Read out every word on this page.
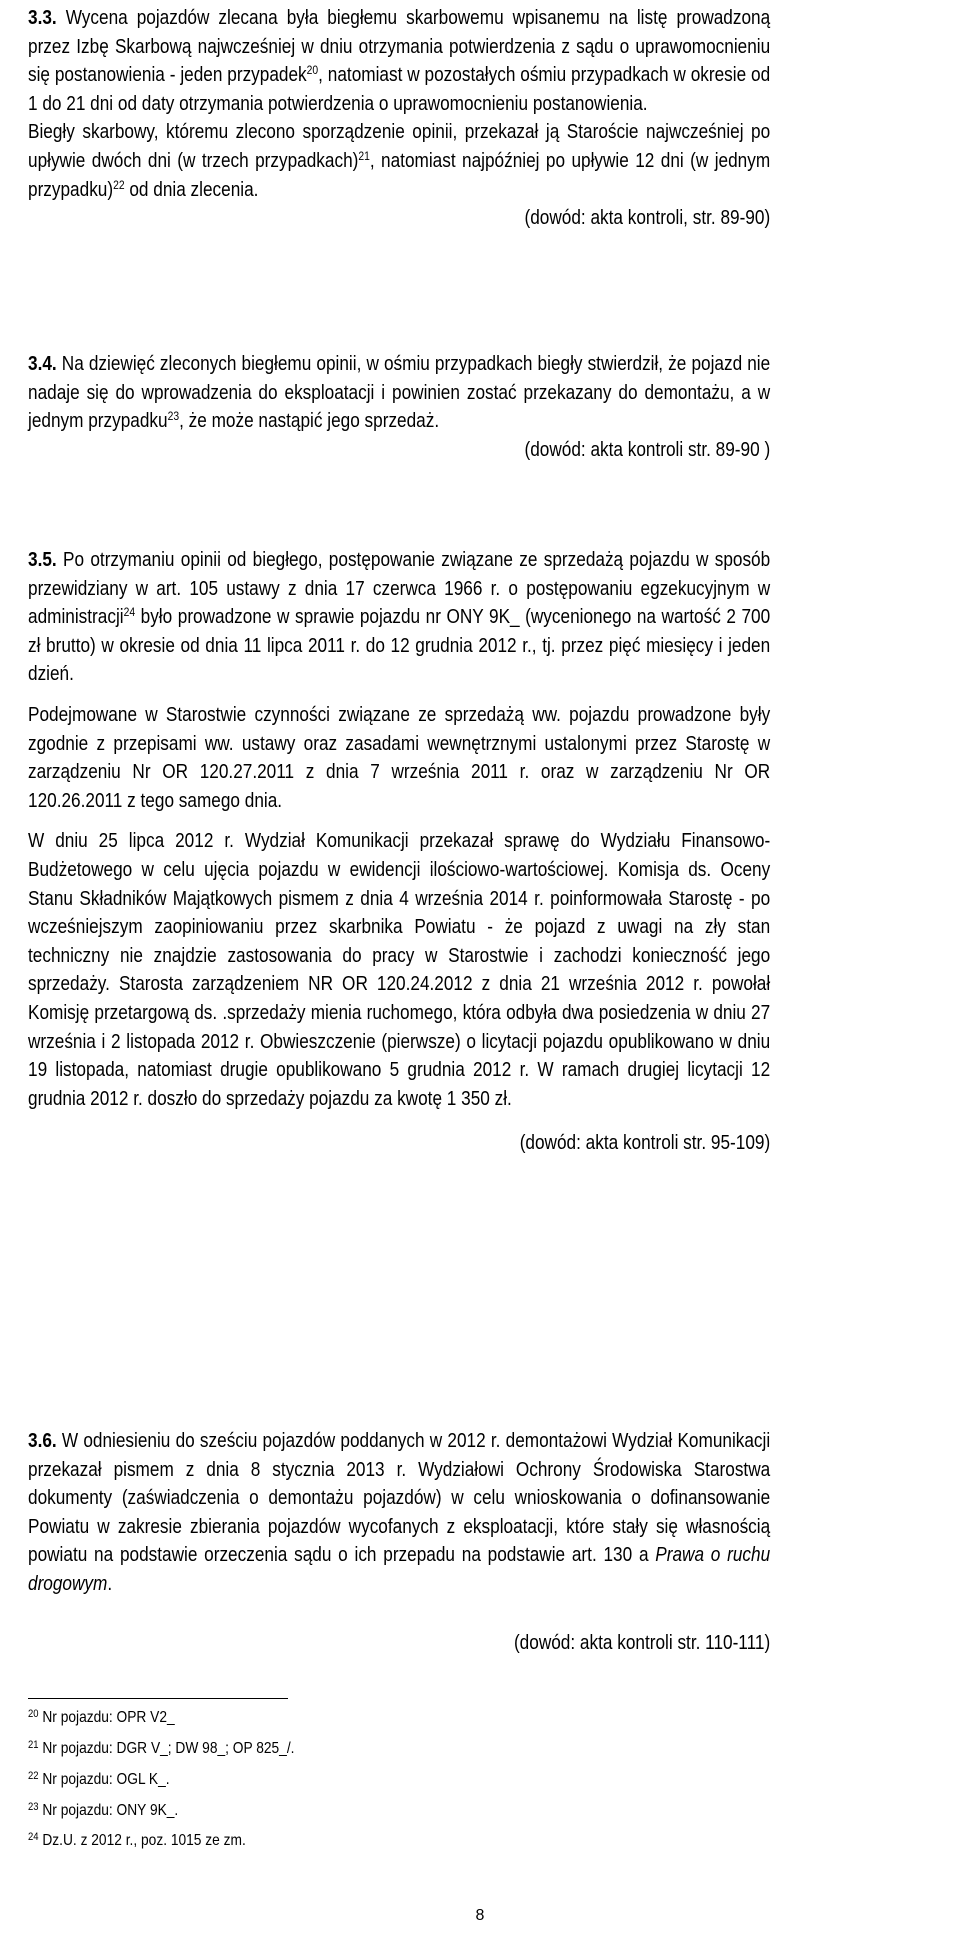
3.3. Wycena pojazdów zlecana była biegłemu skarbowemu wpisanemu na listę prowadzoną przez Izbę Skarbową najwcześniej w dniu otrzymania potwierdzenia z sądu o uprawomocnieniu się postanowienia - jeden przypadek$^{20}$, natomiast w pozostałych ośmiu przypadkach w okresie od 1 do 21 dni od daty otrzymania potwierdzenia o uprawomocnieniu postanowienia.

Biegły skarbowy, któremu zlecono sporządzenie opinii, przekazał ją Staroście najwcześniej po upływie dwóch dni (w trzech przypadkach)$^{21}$, natomiast najpóźniej po upływie 12 dni (w jednym przypadku)$^{22}$ od dnia zlecenia.

(dowód: akta kontroli, str. 89-90)

3.4. Na dziewięć zleconych biegłemu opinii, w ośmiu przypadkach biegły stwierdził, że pojazd nie nadaje się do wprowadzenia do eksploatacji i powinien zostać przekazany do demontażu, a w jednym przypadku$^{23}$, że może nastąpić jego sprzedaż.

(dowód: akta kontroli str. 89-90 )

3.5. Po otrzymaniu opinii od biegłego, postępowanie związane ze sprzedażą pojazdu w sposób przewidziany w art. 105 ustawy z dnia 17 czerwca 1966 r. o postępowaniu egzekucyjnym w administracji$^{24}$ było prowadzone w sprawie pojazdu nr ONY 9K_ (wycenionego na wartość 2 700 zł brutto) w okresie od dnia 11 lipca 2011 r. do 12 grudnia 2012 r., tj. przez pięć miesięcy i jeden dzień.

Podejmowane w Starostwie czynności związane ze sprzedażą ww. pojazdu prowadzone były zgodnie z przepisami ww. ustawy oraz zasadami wewnętrznymi ustalonymi przez Starostę w zarządzeniu Nr OR 120.27.2011 z dnia 7 września 2011 r. oraz w zarządzeniu Nr OR 120.26.2011 z tego samego dnia.

W dniu 25 lipca 2012 r. Wydział Komunikacji przekazał sprawę do Wydziału Finansowo- Budżetowego w celu ujęcia pojazdu w ewidencji ilościowo-wartościowej. Komisja ds. Oceny Stanu Składników Majątkowych pismem z dnia 4 września 2014 r. poinformowała Starostę - po wcześniejszym zaopiniowaniu przez skarbnika Powiatu - że pojazd z uwagi na zły stan techniczny nie znajdzie zastosowania do pracy w Starostwie i zachodzi konieczność jego sprzedaży. Starosta zarządzeniem NR OR 120.24.2012 z dnia 21 września 2012 r. powołał Komisję przetargową ds. .sprzedaży mienia ruchomego, która odbyła dwa posiedzenia w dniu 27 września i 2 listopada 2012 r. Obwieszczenie (pierwsze) o licytacji pojazdu opublikowano w dniu 19 listopada, natomiast drugie opublikowano 5 grudnia 2012 r. W ramach drugiej licytacji 12 grudnia 2012 r. doszło do sprzedaży pojazdu za kwotę 1 350 zł.

(dowód: akta kontroli str. 95-109)

3.6. W odniesieniu do sześciu pojazdów poddanych w 2012 r. demontażowi Wydział Komunikacji przekazał pismem z dnia 8 stycznia 2013 r. Wydziałowi Ochrony Środowiska Starostwa dokumenty (zaświadczenia o demontażu pojazdów) w celu wnioskowania o dofinansowanie Powiatu w zakresie zbierania pojazdów wycofanych z eksploatacji, które stały się własnością powiatu na podstawie orzeczenia sądu o ich przepadu na podstawie art. 130 a Prawa o ruchu drogowym.

(dowód: akta kontroli str. 110-111)

$^{20}$ Nr pojazdu: OPR V2_
$^{21}$ Nr pojazdu: DGR V_; DW 98_; OP 825_/.
$^{22}$ Nr pojazdu: OGL K_.
$^{23}$ Nr pojazdu: ONY 9K_.
$^{24}$ Dz.U. z 2012 r., poz. 1015 ze zm.
8
